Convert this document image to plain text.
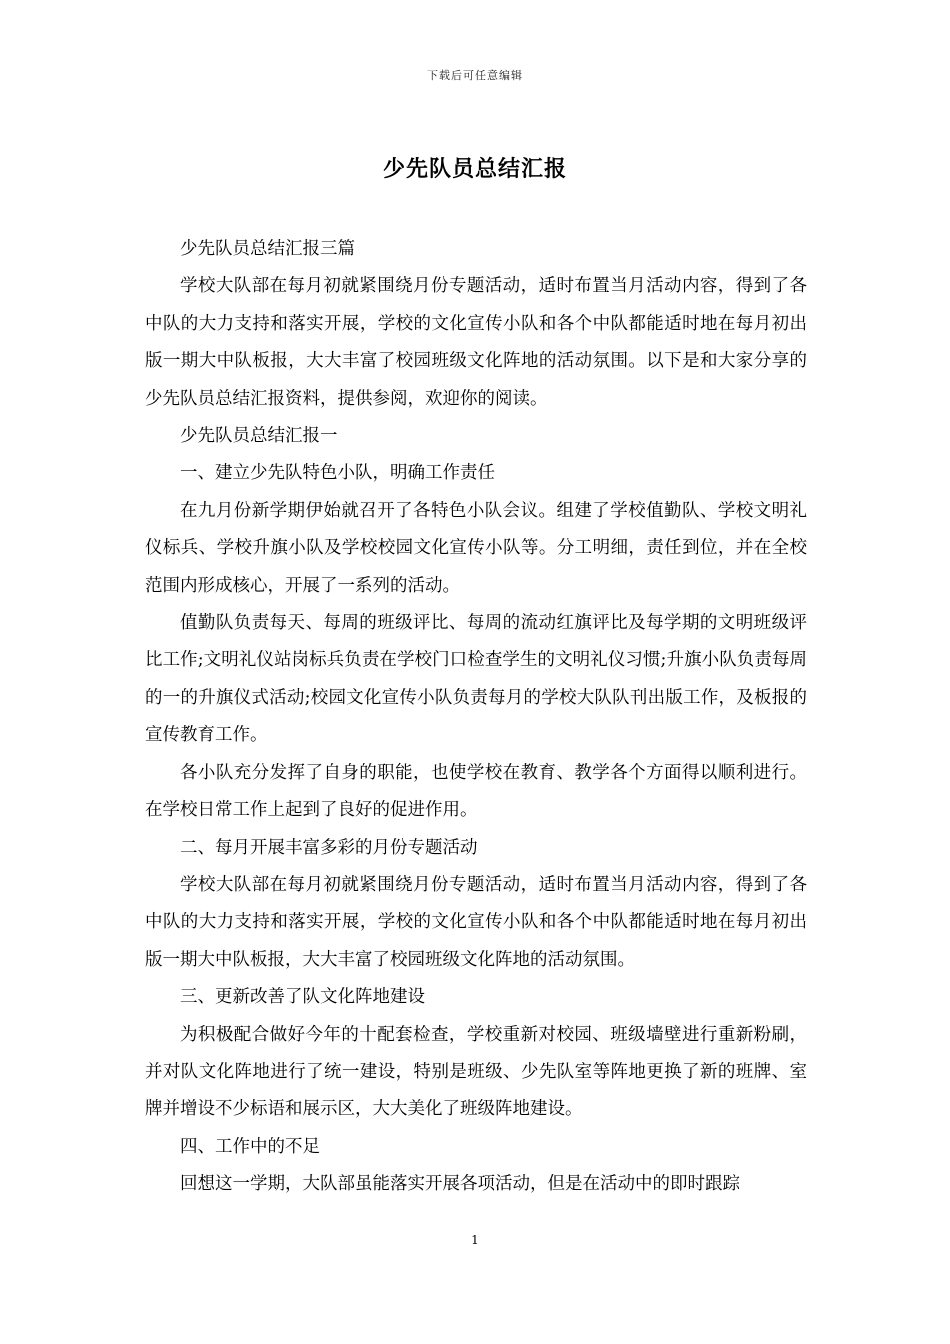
下载后可任意编辑
少先队员总结汇报

少先队员总结汇报三篇

学校大队部在每月初就紧围绕月份专题活动，适时布置当月活动内容，得到了各中队的大力支持和落实开展，学校的文化宣传小队和各个中队都能适时地在每月初出版一期大中队板报，大大丰富了校园班级文化阵地的活动氛围。以下是和大家分享的少先队员总结汇报资料，提供参阅，欢迎你的阅读。

少先队员总结汇报一

一、建立少先队特色小队，明确工作责任

在九月份新学期伊始就召开了各特色小队会议。组建了学校值勤队、学校文明礼仪标兵、学校升旗小队及学校校园文化宣传小队等。分工明细，责任到位，并在全校范围内形成核心，开展了一系列的活动。

值勤队负责每天、每周的班级评比、每周的流动红旗评比及每学期的文明班级评比工作;文明礼仪站岗标兵负责在学校门口检查学生的文明礼仪习惯;升旗小队负责每周的一的升旗仪式活动;校园文化宣传小队负责每月的学校大队队刊出版工作，及板报的宣传教育工作。

各小队充分发挥了自身的职能，也使学校在教育、教学各个方面得以顺利进行。在学校日常工作上起到了良好的促进作用。

二、每月开展丰富多彩的月份专题活动

学校大队部在每月初就紧围绕月份专题活动，适时布置当月活动内容，得到了各中队的大力支持和落实开展，学校的文化宣传小队和各个中队都能适时地在每月初出版一期大中队板报，大大丰富了校园班级文化阵地的活动氛围。

三、更新改善了队文化阵地建设

为积极配合做好今年的十配套检查，学校重新对校园、班级墙壁进行重新粉刷，并对队文化阵地进行了统一建设，特别是班级、少先队室等阵地更换了新的班牌、室牌并增设不少标语和展示区，大大美化了班级阵地建设。

四、工作中的不足

回想这一学期，大队部虽能落实开展各项活动，但是在活动中的即时跟踪

1
